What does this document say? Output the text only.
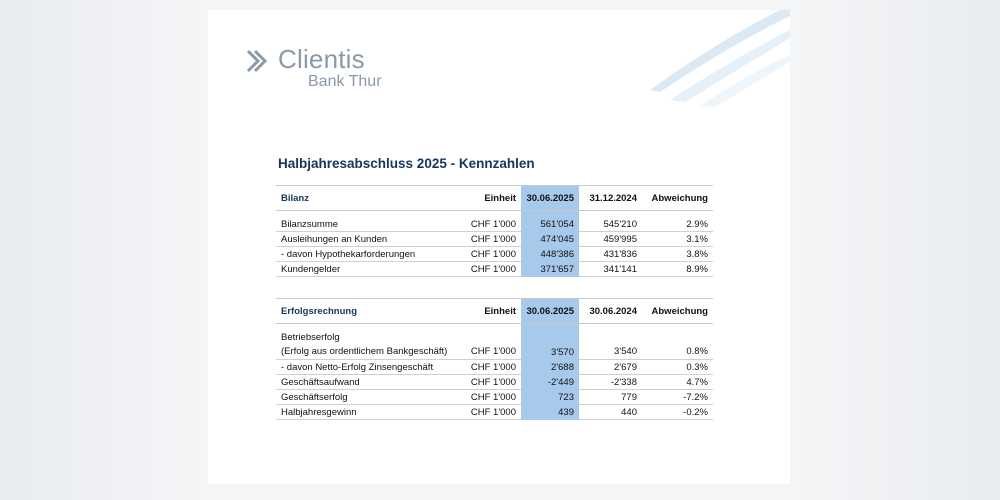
Clientis
Bank Thur
Halbjahresabschluss 2025 - Kennzahlen
Bilanz	Einheit	30.06.2025	31.12.2024	Abweichung

Bilanzsumme	CHF 1'000	561'054	545'210	2.9%
Ausleihungen an Kunden	CHF 1'000	474'045	459'995	3.1%
- davon Hypothekarforderungen	CHF 1'000	448'386	431'836	3.8%
Kundengelder	CHF 1'000	371'657	341'141	8.9%
Erfolgsrechnung	Einheit	30.06.2025	30.06.2024	Abweichung

Betriebserfolg				
(Erfolg aus ordentlichem Bankgeschäft)	CHF 1'000	3'570	3'540	0.8%
- davon Netto-Erfolg Zinsengeschäft	CHF 1'000	2'688	2'679	0.3%
Geschäftsaufwand	CHF 1'000	-2'449	-2'338	4.7%
Geschäftserfolg	CHF 1'000	723	779	-7.2%
Halbjahresgewinn	CHF 1'000	439	440	-0.2%
